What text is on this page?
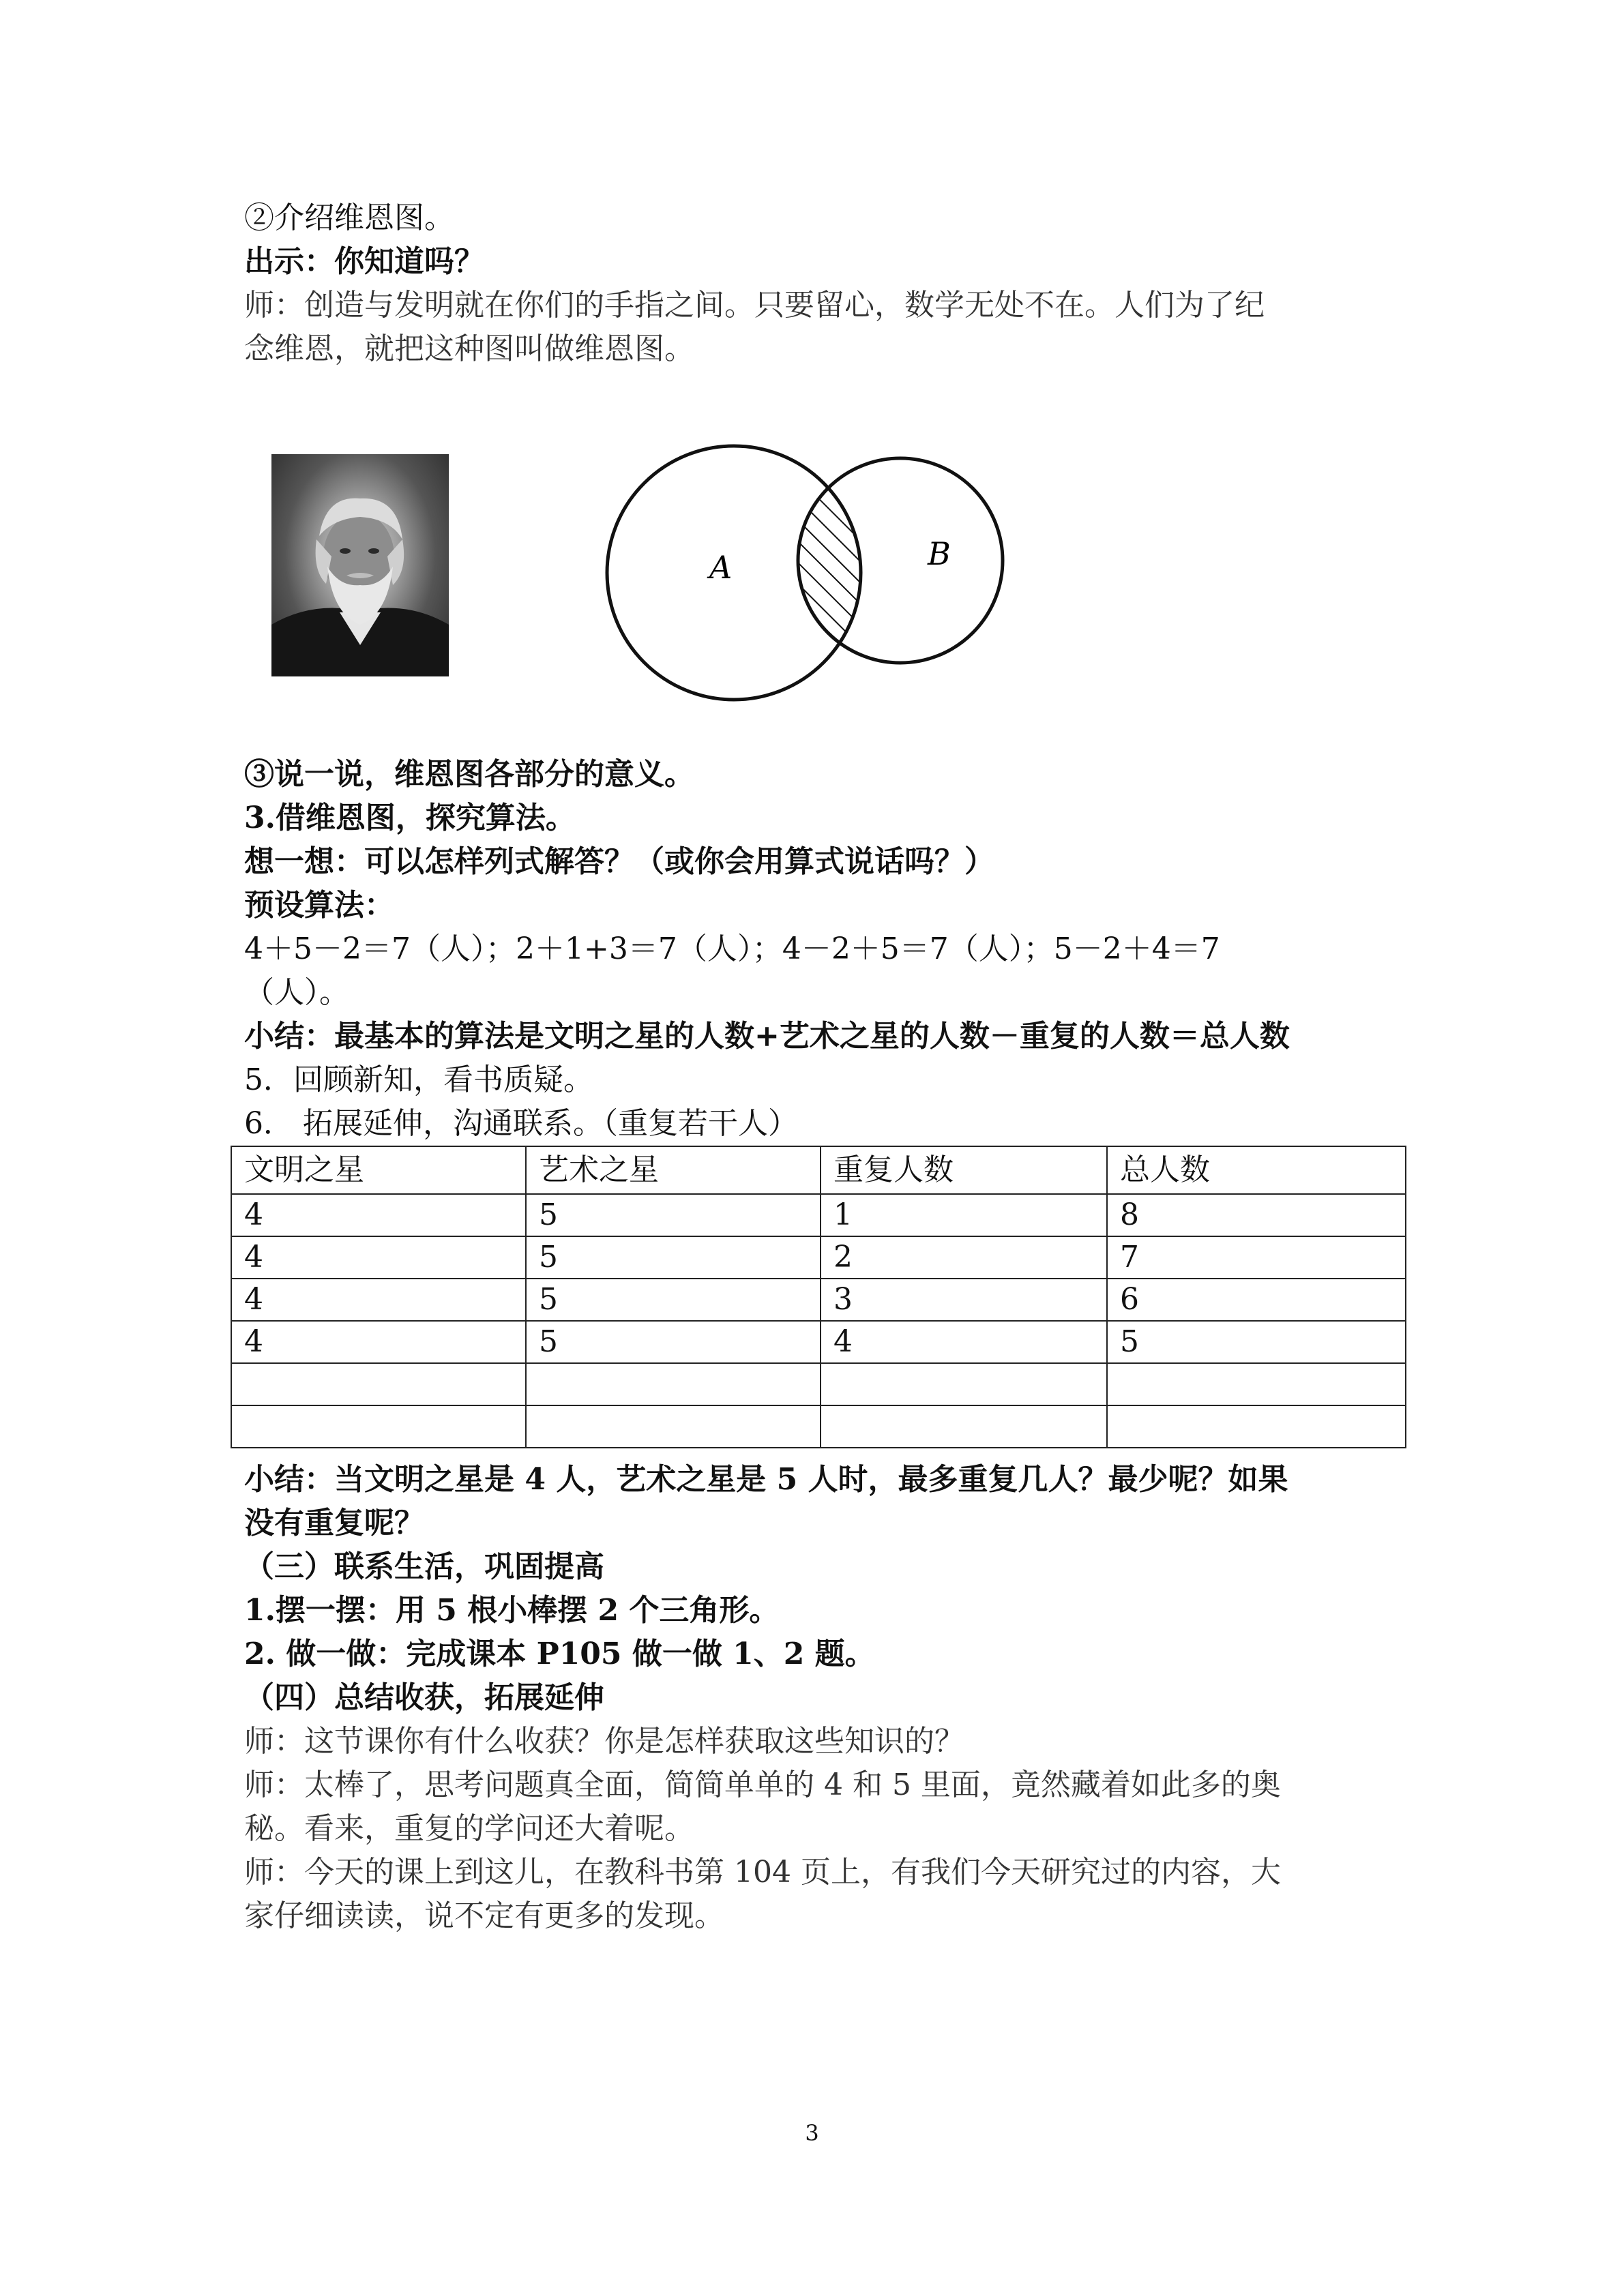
②介绍维恩图。
出示：你知道吗？
师：创造与发明就在你们的手指之间。只要留心，数学无处不在。人们为了纪
念维恩，就把这种图叫做维恩图。
A	B
③说一说，维恩图各部分的意义。
3.借维恩图，探究算法。
想一想：可以怎样列式解答？（或你会用算式说话吗？）
预设算法：
4＋5－2＝7（人）；2＋1+3＝7（人）；4－2＋5＝7（人）；5－2＋4＝7
（人）。
小结：最基本的算法是文明之星的人数+艺术之星的人数－重复的人数＝总人数
5．回顾新知，看书质疑。
6． 拓展延伸，沟通联系。（重复若干人）
文明之星	艺术之星	重复人数	总人数
4	5	1	8
4	5	2	7
4	5	3	6
4	5	4	5

小结：当文明之星是 4 人，艺术之星是 5 人时，最多重复几人？最少呢？如果
没有重复呢？
（三）联系生活，巩固提高
1.摆一摆：用 5 根小棒摆 2 个三角形。
2. 做一做：完成课本 P105 做一做 1、2 题。
（四）总结收获，拓展延伸
师：这节课你有什么收获？你是怎样获取这些知识的？
师：太棒了，思考问题真全面，简简单单的 4 和 5 里面，竟然藏着如此多的奥
秘。看来，重复的学问还大着呢。
师：今天的课上到这儿，在教科书第 104 页上，有我们今天研究过的内容，大
家仔细读读，说不定有更多的发现。
3
